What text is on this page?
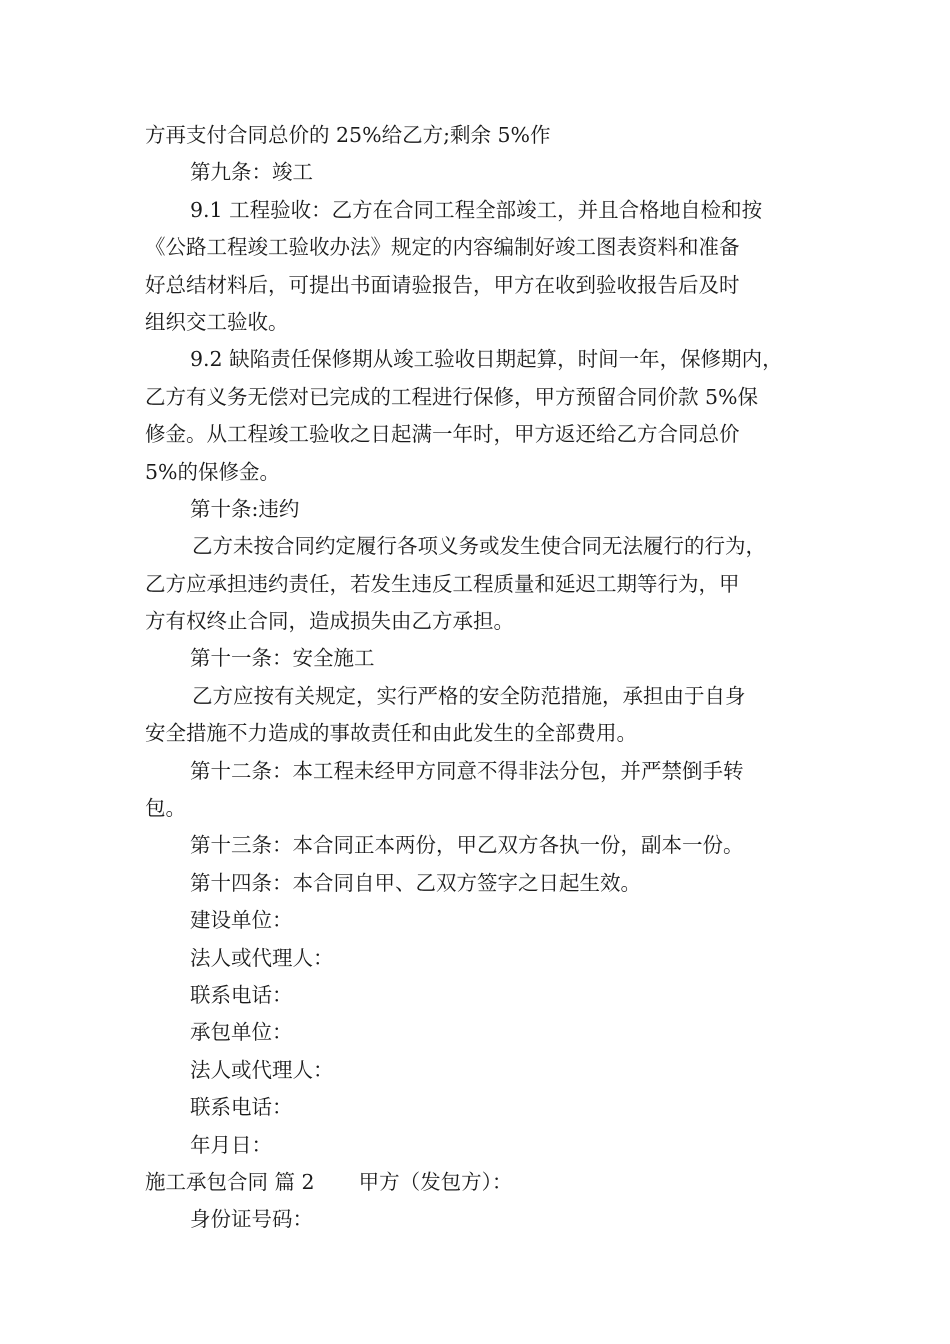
方再支付合同总价的 25%给乙方;剩余 5%作
第九条：竣工
9.1 工程验收：乙方在合同工程全部竣工，并且合格地自检和按
《公路工程竣工验收办法》规定的内容编制好竣工图表资料和准备
好总结材料后，可提出书面请验报告，甲方在收到验收报告后及时
组织交工验收。
9.2 缺陷责任保修期从竣工验收日期起算，时间一年，保修期内，
乙方有义务无偿对已完成的工程进行保修，甲方预留合同价款 5%保
修金。从工程竣工验收之日起满一年时，甲方返还给乙方合同总价
5%的保修金。
第十条:违约
乙方未按合同约定履行各项义务或发生使合同无法履行的行为，
乙方应承担违约责任，若发生违反工程质量和延迟工期等行为，甲
方有权终止合同，造成损失由乙方承担。
第十一条：安全施工
乙方应按有关规定，实行严格的安全防范措施，承担由于自身
安全措施不力造成的事故责任和由此发生的全部费用。
第十二条：本工程未经甲方同意不得非法分包，并严禁倒手转
包。
第十三条：本合同正本两份，甲乙双方各执一份，副本一份。
第十四条：本合同自甲、乙双方签字之日起生效。
建设单位：
法人或代理人：
联系电话：
承包单位：
法人或代理人：
联系电话：
年月日：
施工承包合同 篇 2 甲方（发包方）：
身份证号码：
